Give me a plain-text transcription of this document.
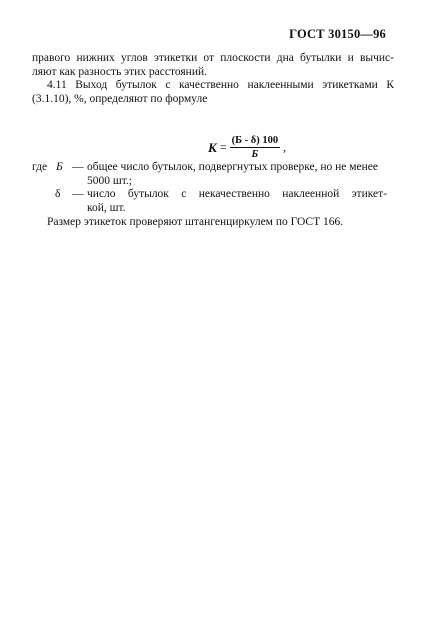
ГОСТ 30150—96
правого нижних углов этикетки от плоскости дна бутылки и вычис-
ляют как разность этих расстояний.
4.11 Выход бутылок с качественно наклеенными этикетками К
(3.1.10), %, определяют по формуле
$К = \frac{(Б - \delta) 100}{Б}$ ,
где Б — общее число бутылок, подвергнутых проверке, но не менее
5000 шт.;
δ — число бутылок с некачественно наклеенной этикет-
кой, шт.
Размер этикеток проверяют штангенциркулем по ГОСТ 166.
